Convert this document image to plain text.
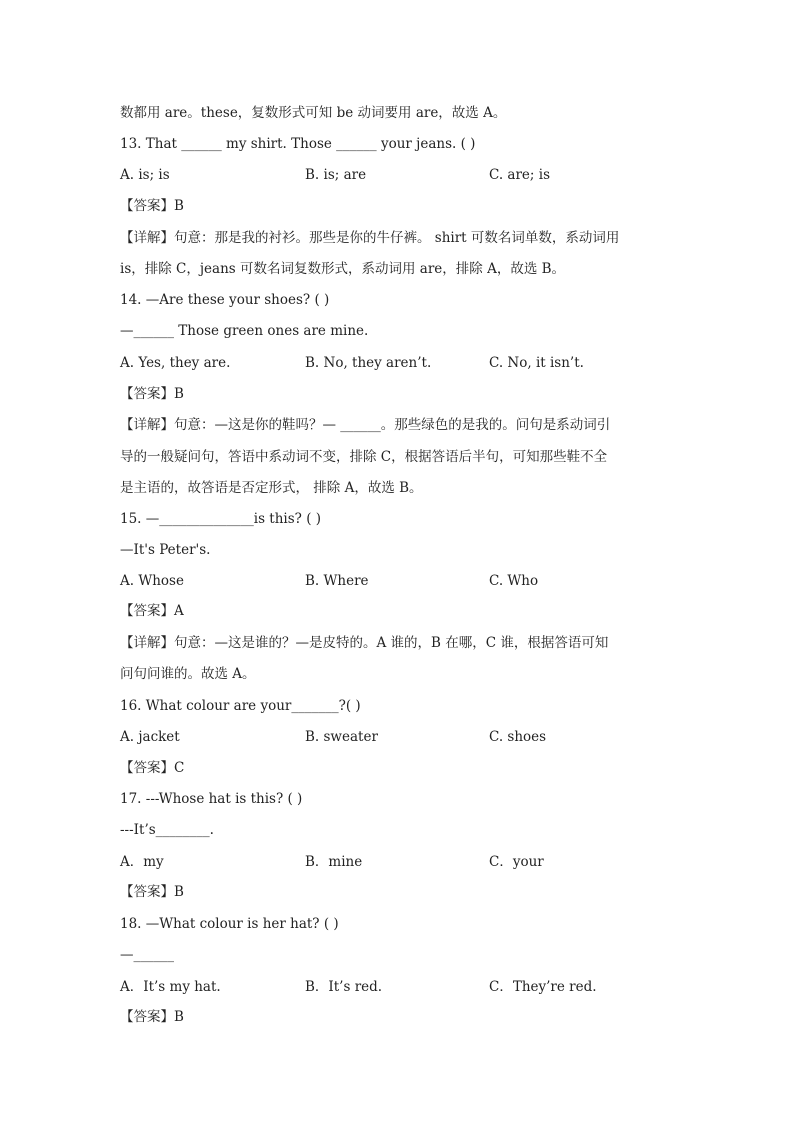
数都用 are。these，复数形式可知 be 动词要用 are，故选 A。
13. That ______ my shirt. Those ______ your jeans. ( )
A. is; is	B. is; are	C. are; is
【答案】B
【详解】句意：那是我的衬衫。那些是你的牛仔裤。 shirt 可数名词单数，系动词用
is，排除 C，jeans 可数名词复数形式，系动词用 are，排除 A，故选 B。
14. —Are these your shoes? ( )
—______ Those green ones are mine.
A. Yes, they are.	B. No, they aren’t.	C. No, it isn’t.
【答案】B
【详解】句意：—这是你的鞋吗？— ______。那些绿色的是我的。问句是系动词引
导的一般疑问句，答语中系动词不变，排除 C，根据答语后半句，可知那些鞋不全
是主语的，故答语是否定形式， 排除 A，故选 B。
15. —______________is this? ( )
—It's Peter's.
A. Whose	B. Where	C. Who
【答案】A
【详解】句意：—这是谁的？—是皮特的。A 谁的，B 在哪，C 谁，根据答语可知
问句问谁的。故选 A。
16. What colour are your_______?( )
A. jacket	B. sweater	C. shoes
【答案】C
17. ---Whose hat is this? ( )
---It’s________.
A．my	B．mine	C．your
【答案】B
18. —What colour is her hat? ( )
—______
A．It’s my hat.	B．It’s red.	C．They’re red.
【答案】B
